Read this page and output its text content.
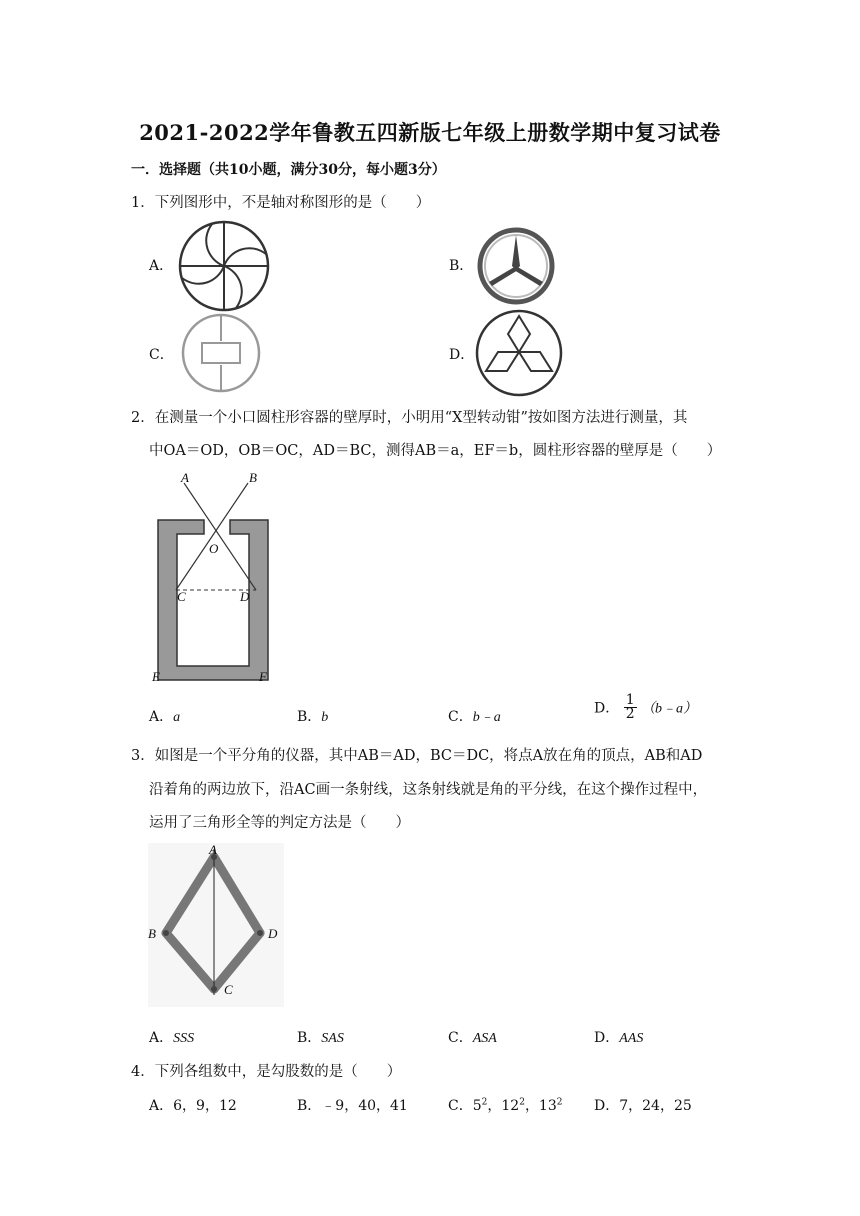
2021-2022学年鲁教五四新版七年级上册数学期中复习试卷
一．选择题（共10小题，满分30分，每小题3分）
1．下列图形中，不是轴对称图形的是（　　）
A．	B．
C．	D．
2．在测量一个小口圆柱形容器的壁厚时，小明用“X型转动钳”按如图方法进行测量，其
中OA＝OD，OB＝OC，AD＝BC，测得AB＝a，EF＝b，圆柱形容器的壁厚是（　　）
A	B
O
C	D
E	F
A．a	B．b	C．b﹣a
D． $\frac{1}{2}$ （b﹣a）
3．如图是一个平分角的仪器，其中AB＝AD，BC＝DC，将点A放在角的顶点，AB和AD
沿着角的两边放下，沿AC画一条射线，这条射线就是角的平分线，在这个操作过程中，
运用了三角形全等的判定方法是（　　）
A
B	D
C
A．SSS	B．SAS	C．ASA	D．AAS
4．下列各组数中，是勾股数的是（　　）
A．6，9，12	B．﹣9，40，41	C．$5^2$，$12^2$，$13^2$ D．7，24，25
